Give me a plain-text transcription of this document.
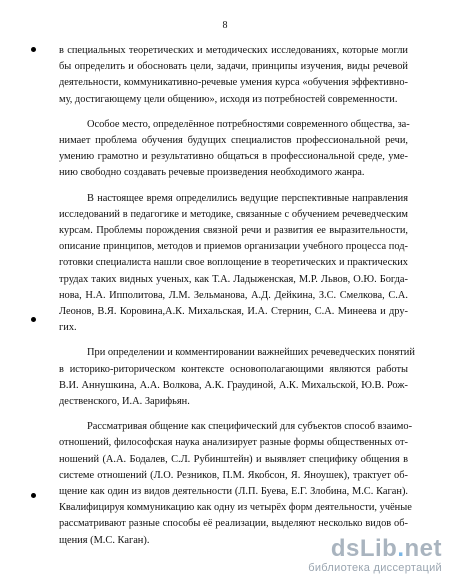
8

в специальных теоретических и методических исследованиях, которые могли
бы определить и обосновать цели, задачи, принципы изучения, виды речевой
деятельности, коммуникативно-речевые умения курса «обучения эффективно-
му, достигающему цели общению», исходя из потребностей современности.

Особое место, определённое потребностями современного общества, за-
нимает проблема обучения будущих специалистов профессиональной речи,
умению грамотно и результативно общаться в профессиональной среде, уме-
нию свободно создавать речевые произведения необходимого жанра.

В настоящее время определились ведущие перспективные направления
исследований в педагогике и методике, связанные с обучением речеведческим
курсам. Проблемы порождения связной речи и развития ее выразительности,
описание принципов, методов и приемов организации учебного процесса под-
готовки специалиста нашли свое воплощение в теоретических и практических
трудах таких видных ученых, как Т.А. Ладыженская, М.Р. Львов, О.Ю. Богда-
нова, Н.А. Ипполитова, Л.М. Зельманова, А.Д. Дейкина, З.С. Смелкова, С.А.
Леонов, В.Я. Коровина,А.К. Михальская, И.А. Стернин, С.А. Минеева и дру-
гих.

При определении и комментировании важнейших речеведческих понятий
в историко-риторическом контексте основополагающими являются работы
В.И. Аннушкина, А.А. Волкова, А.К. Граудиной, А.К. Михальской, Ю.В. Рож-
дественского, И.А. Зарифьян.

Рассматривая общение как специфический для субъектов способ взаимо-
отношений, философская наука анализирует разные формы общественных от-
ношений (А.А. Бодалев, С.Л. Рубинштейн) и выявляет специфику общения в
системе отношений (Л.О. Резников, П.М. Якобсон, Я. Яноушек), трактует об-
щение как один из видов деятельности (Л.П. Буева, Е.Г. Злобина, М.С. Каган).
Квалифицируя коммуникацию как одну из четырёх форм деятельности, учёные
рассматривают разные способы её реализации, выделяют несколько видов об-
щения (М.С. Каган).	dsLib.net
библиотека диссертаций
